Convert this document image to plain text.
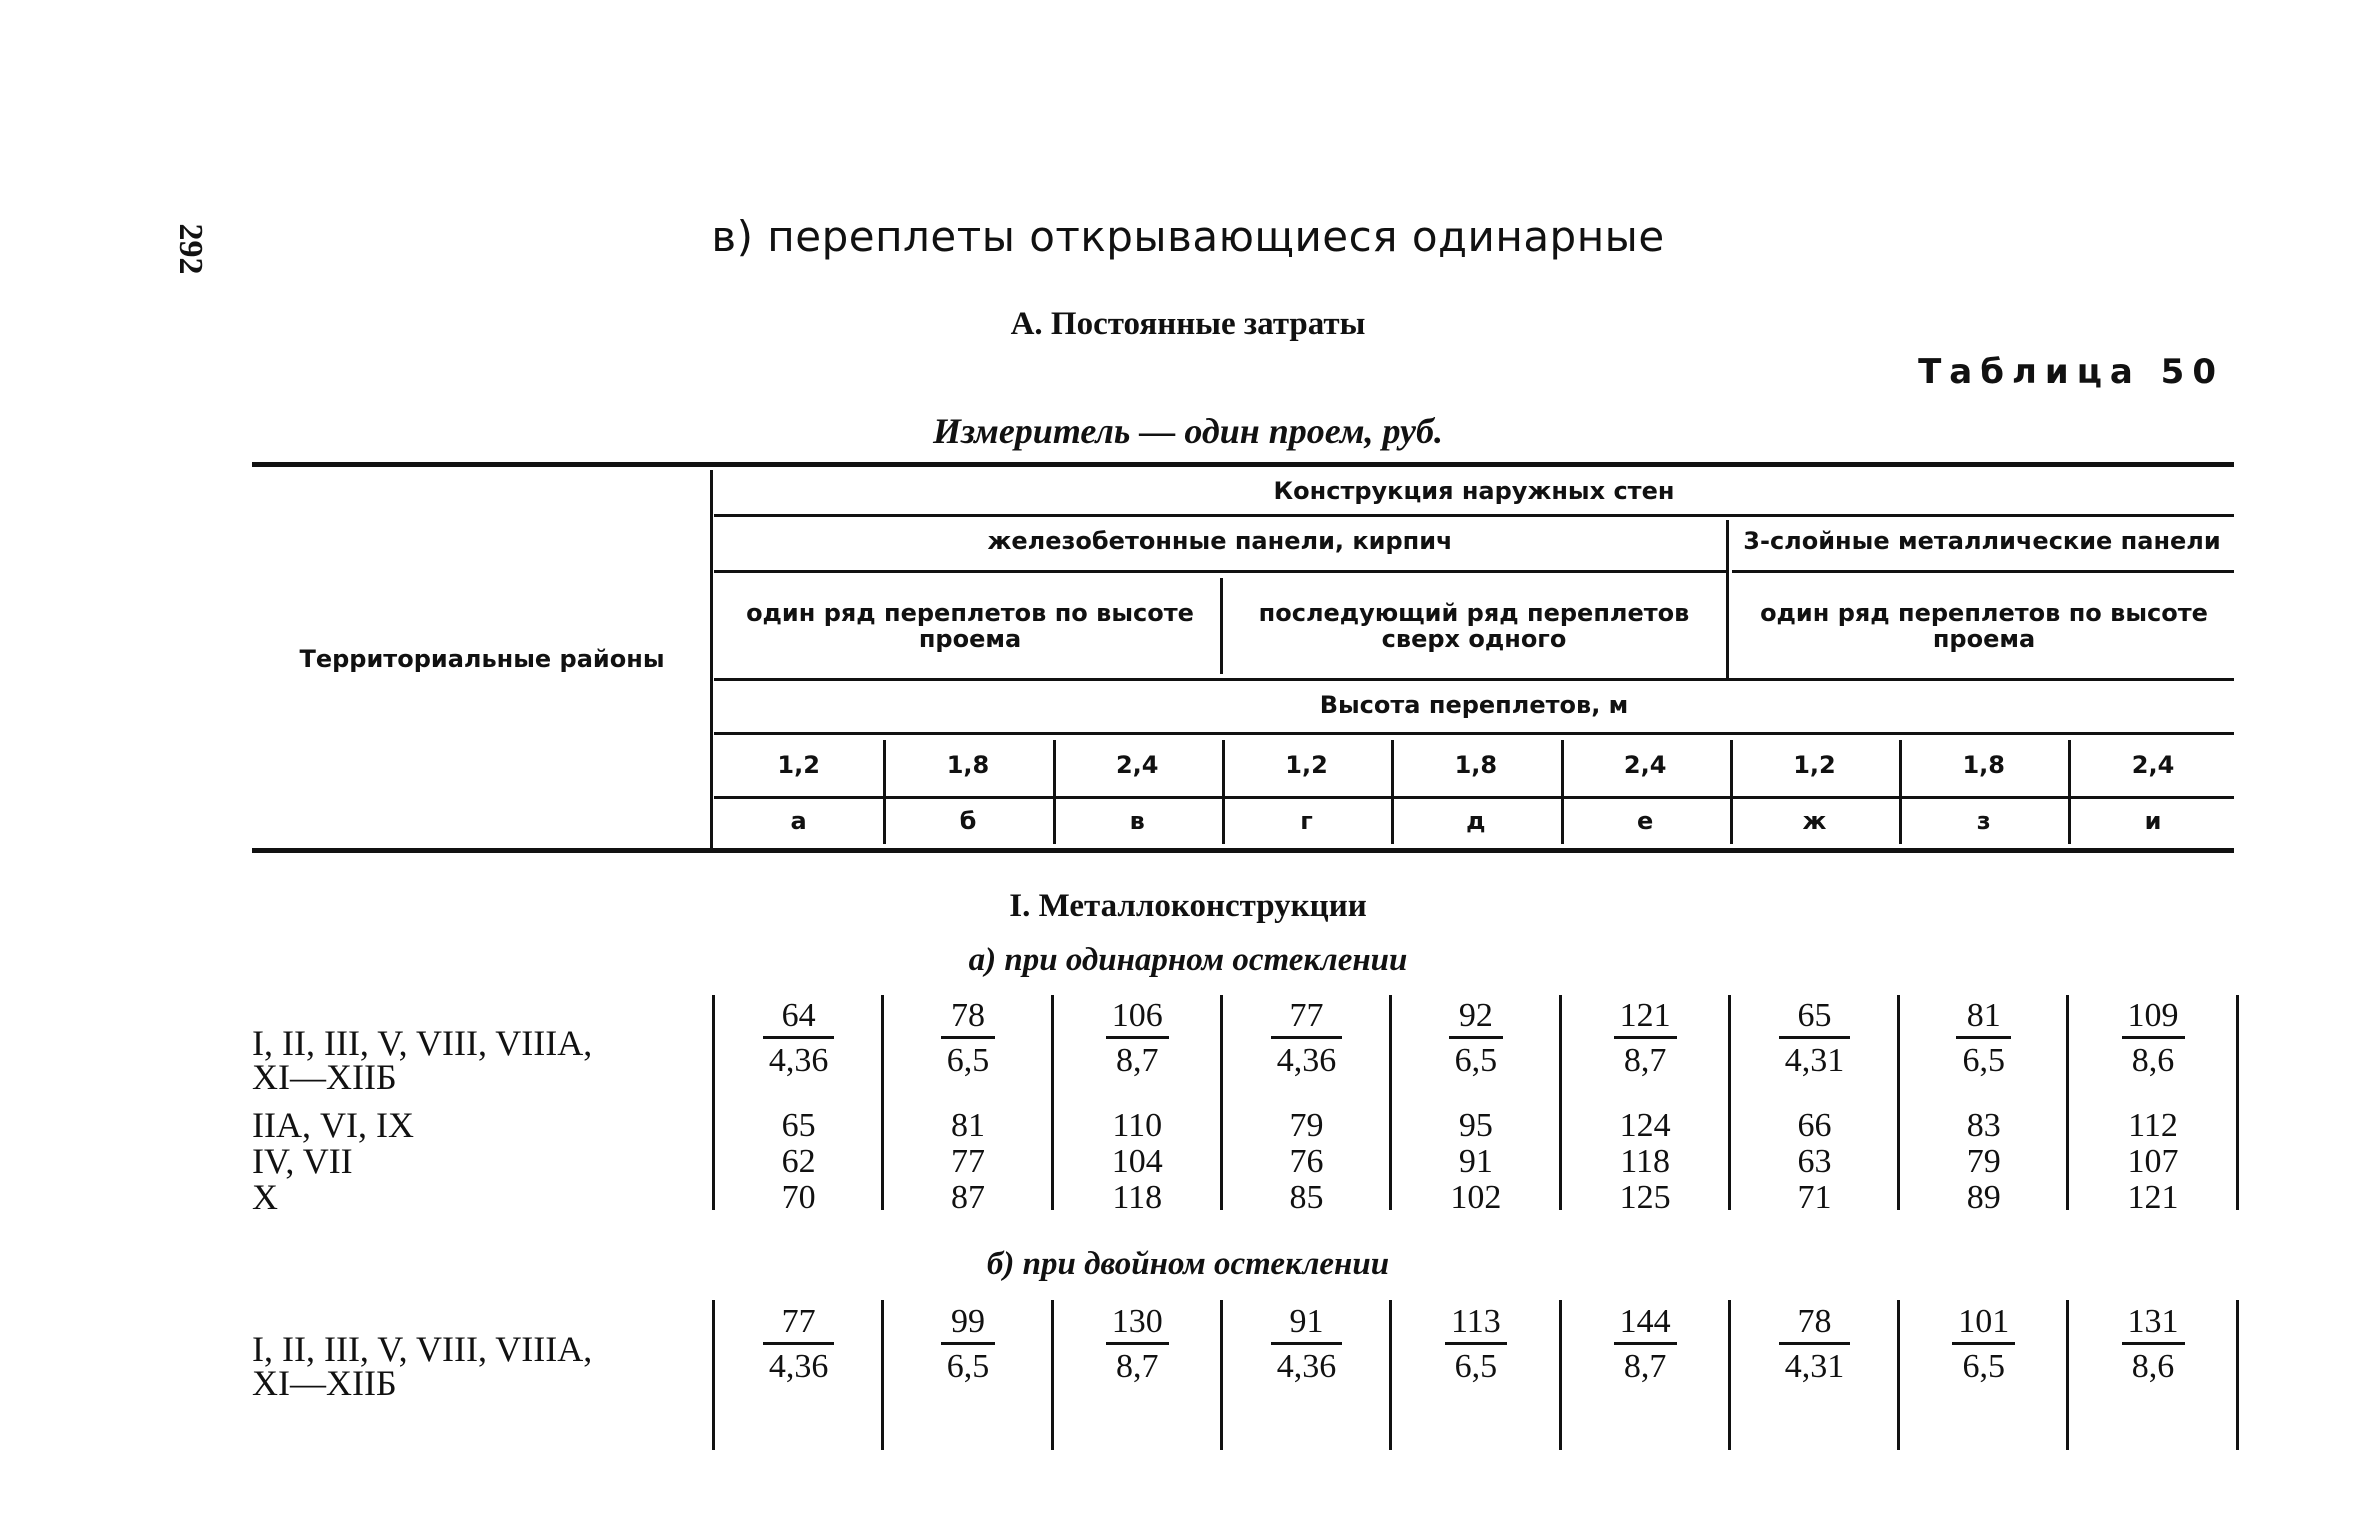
292	в) переплеты открывающиеся одинарные
А. Постоянные затраты
Таблица 50
Измеритель — один проем, руб.
Территориальные районы
Конструкция наружных стен
железобетонные панели, кирпич	3-слойные металлические панели
один ряд переплетов по высоте проема
последующий ряд переплетов сверх одного
один ряд переплетов по высоте проема
Высота переплетов, м
1,2	1,8	2,4	1,2	1,8	2,4	1,2	1,8	2,4
а	б	в	г	д	е	ж	з	и
I. Металлоконструкции
а) при одинарном остеклении
I, II, III, V, VIII, VIIIА,
XI—XIIБ	$\frac{64}{4,36}$	$\frac{78}{6,5}$	$\frac{106}{8,7}$	$\frac{77}{4,36}$	$\frac{92}{6,5}$	$\frac{121}{8,7}$	$\frac{65}{4,31}$	$\frac{81}{6,5}$	$\frac{109}{8,6}$
IIА, VI, IX	65	81	110	79	95	124	66	83	112
IV, VII	62	77	104	76	91	118	63	79	107
X	70	87	118	85	102	125	71	89	121
б) при двойном остеклении
I, II, III, V, VIII, VIIIА,
XI—XIIБ	$\frac{77}{4,36}$	$\frac{99}{6,5}$	$\frac{130}{8,7}$	$\frac{91}{4,36}$	$\frac{113}{6,5}$	$\frac{144}{8,7}$	$\frac{78}{4,31}$	$\frac{101}{6,5}$	$\frac{131}{8,6}$
